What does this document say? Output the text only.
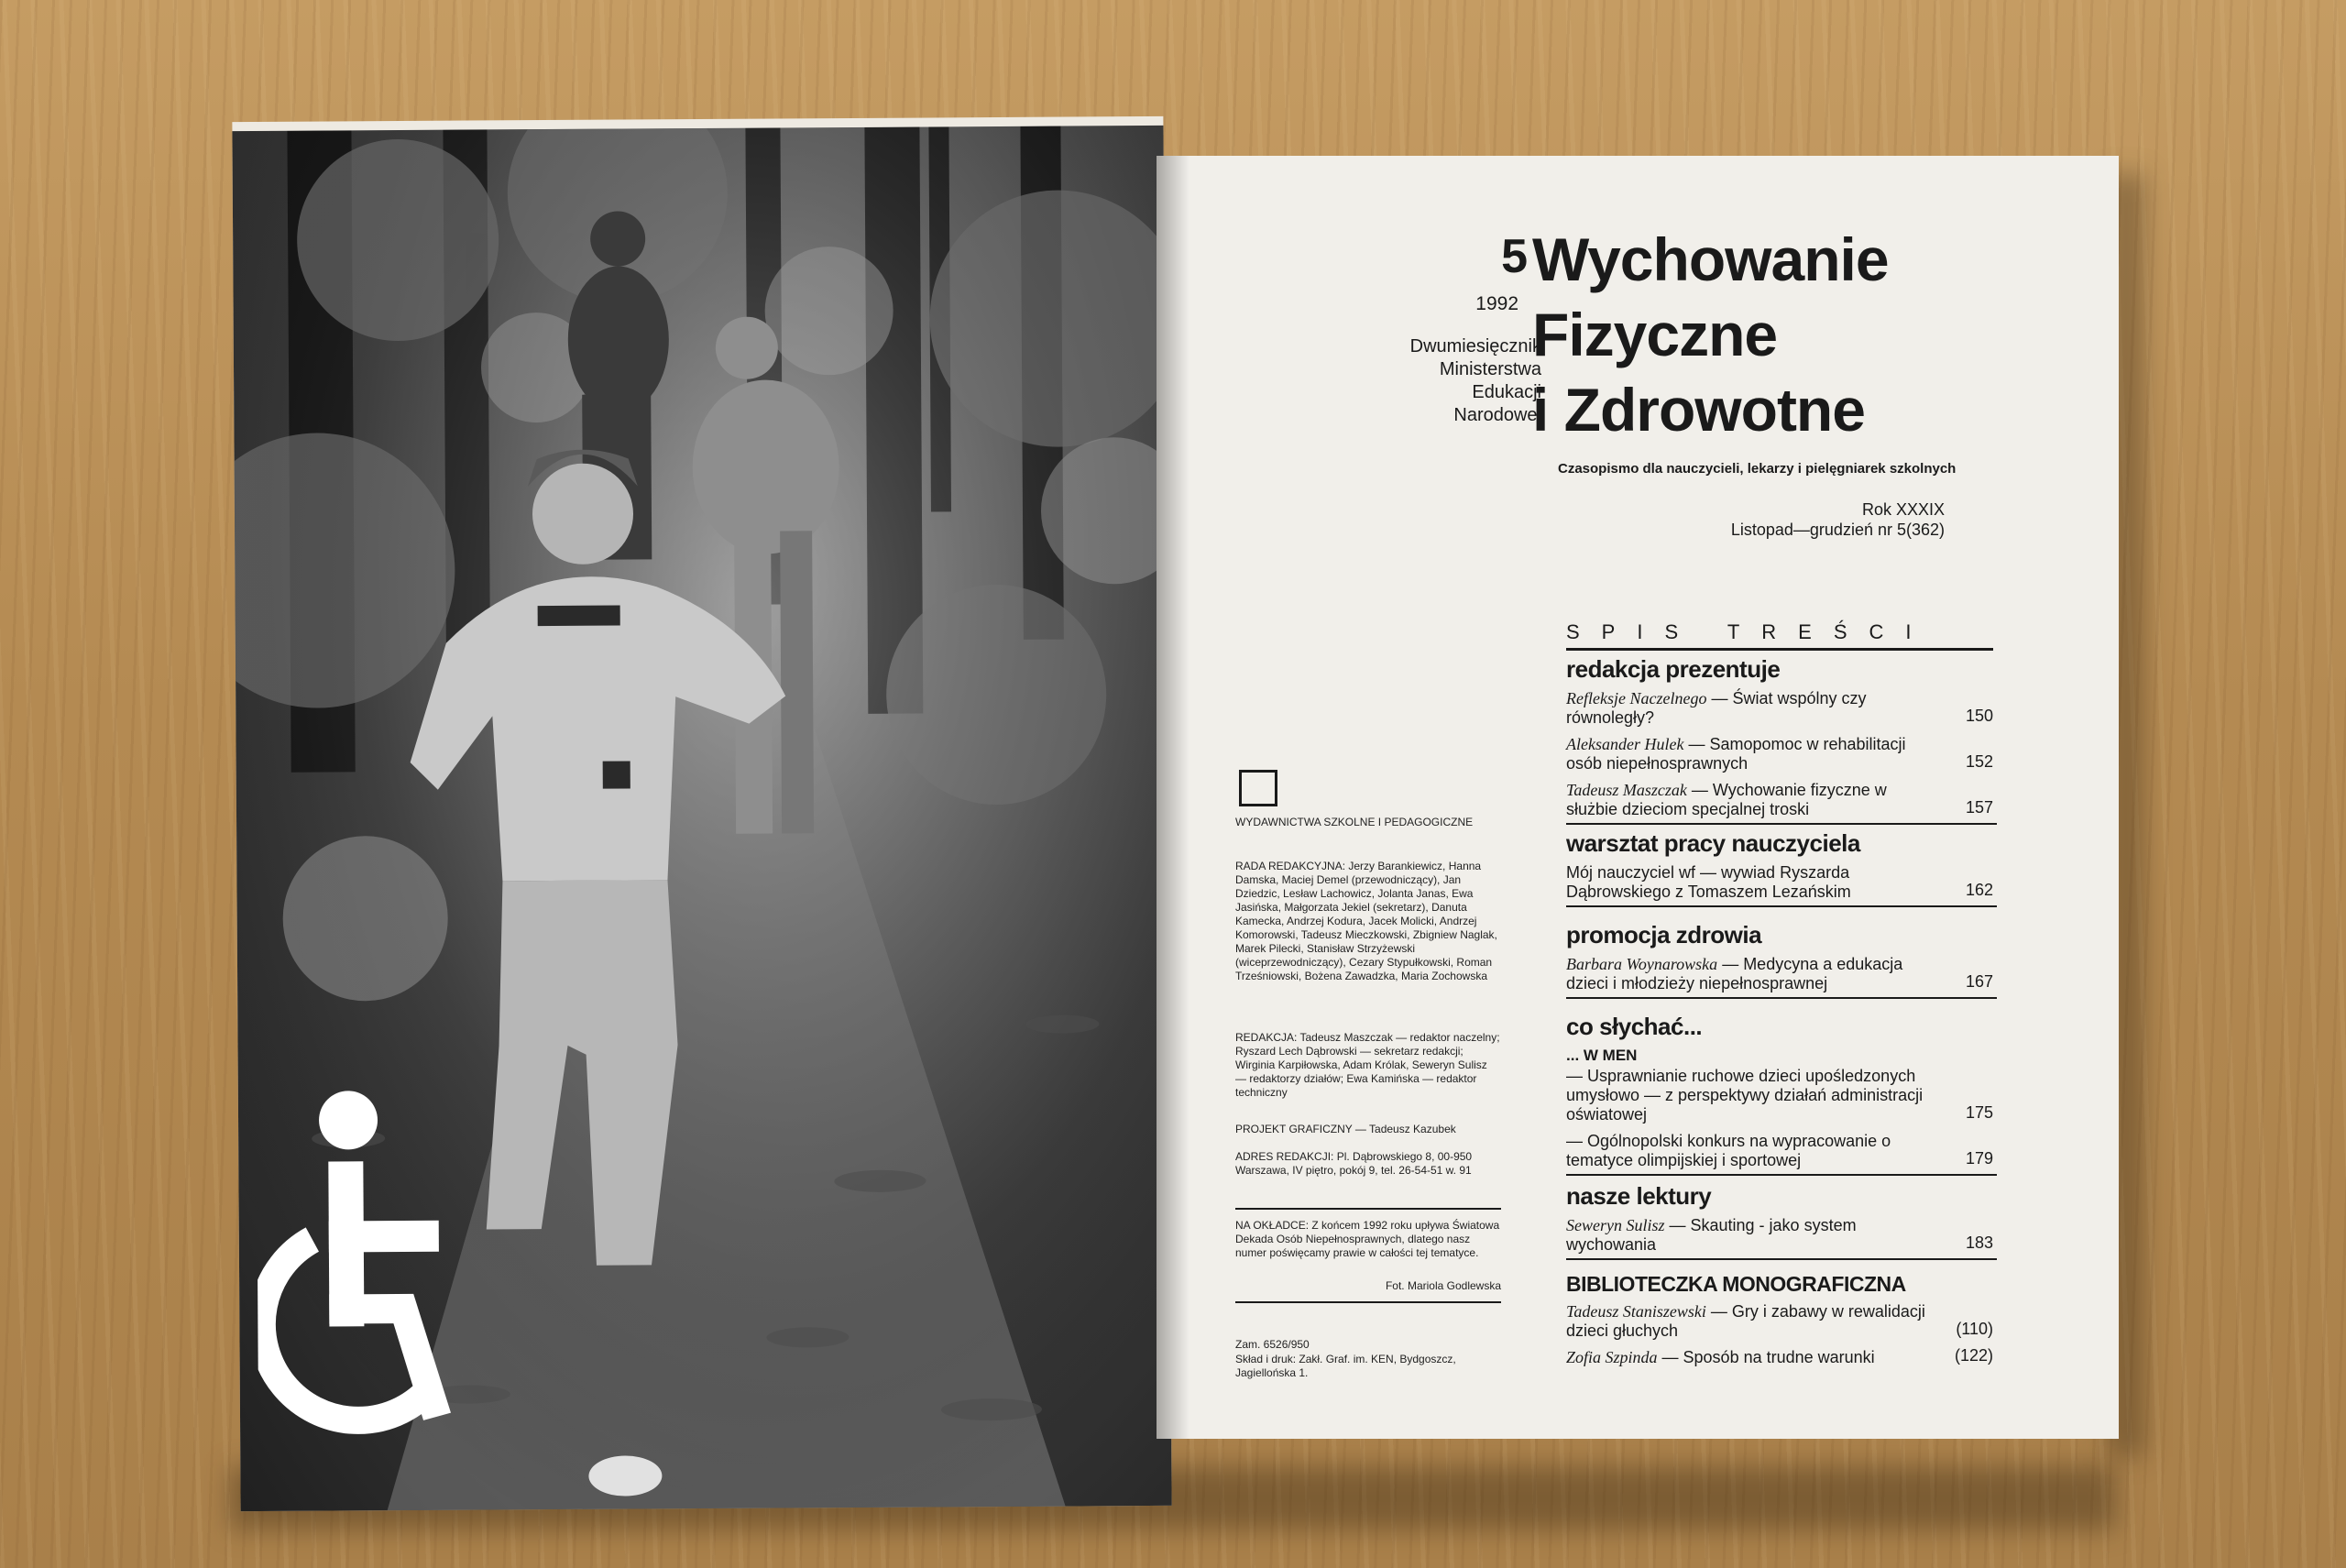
5
1992
Dwumiesięcznik
Ministerstwa
Edukacji
Narodowej
Wychowanie
Fizyczne
i Zdrowotne
Czasopismo dla nauczycieli, lekarzy i pielęgniarek szkolnych
Rok XXXIX
Listopad—grudzień nr 5(362)
SPIS TREŚCI
redakcja prezentuje
Refleksje Naczelnego — Świat wspólny czy równoległy?	150
Aleksander Hulek — Samopomoc w rehabilitacji osób niepełnosprawnych	152
Tadeusz Maszczak — Wychowanie fizyczne w służbie dzieciom specjalnej troski	157
warsztat pracy nauczyciela
Mój nauczyciel wf — wywiad Ryszarda Dąbrowskiego z Tomaszem Lezańskim	162
promocja zdrowia
Barbara Woynarowska — Medycyna a edukacja dzieci i młodzieży niepełnosprawnej	167
co słychać...
... W MEN
— Usprawnianie ruchowe dzieci upośledzonych umysłowo — z perspektywy działań administracji oświatowej	175
— Ogólnopolski konkurs na wypracowanie o tematyce olimpijskiej i sportowej	179
nasze lektury
Seweryn Sulisz — Skauting - jako system wychowania	183
BIBLIOTECZKA MONOGRAFICZNA
Tadeusz Staniszewski — Gry i zabawy w rewalidacji dzieci głuchych	(110)
Zofia Szpinda — Sposób na trudne warunki	(122)
WYDAWNICTWA SZKOLNE I PEDAGOGICZNE
RADA REDAKCYJNA: Jerzy Barankiewicz, Hanna Damska, Maciej Demel (przewodniczący), Jan Dziedzic, Lesław Lachowicz, Jolanta Janas, Ewa Jasińska, Małgorzata Jekiel (sekretarz), Danuta Kamecka, Andrzej Kodura, Jacek Molicki, Andrzej Komorowski, Tadeusz Mieczkowski, Zbigniew Naglak, Marek Pilecki, Stanisław Strzyżewski (wiceprzewodniczący), Cezary Stypułkowski, Roman Trześniowski, Bożena Zawadzka, Maria Zochowska
REDAKCJA: Tadeusz Maszczak — redaktor naczelny; Ryszard Lech Dąbrowski — sekretarz redakcji; Wirginia Karpiłowska, Adam Królak, Seweryn Sulisz — redaktorzy działów; Ewa Kamińska — redaktor techniczny
PROJEKT GRAFICZNY — Tadeusz Kazubek
ADRES REDAKCJI: Pl. Dąbrowskiego 8, 00-950 Warszawa, IV piętro, pokój 9, tel. 26-54-51 w. 91
NA OKŁADCE: Z końcem 1992 roku upływa Światowa Dekada Osób Niepełnosprawnych, dlatego nasz numer poświęcamy prawie w całości tej tematyce.
Fot. Mariola Godlewska
Zam. 6526/950
Skład i druk: Zakł. Graf. im. KEN, Bydgoszcz, Jagiellońska 1.
